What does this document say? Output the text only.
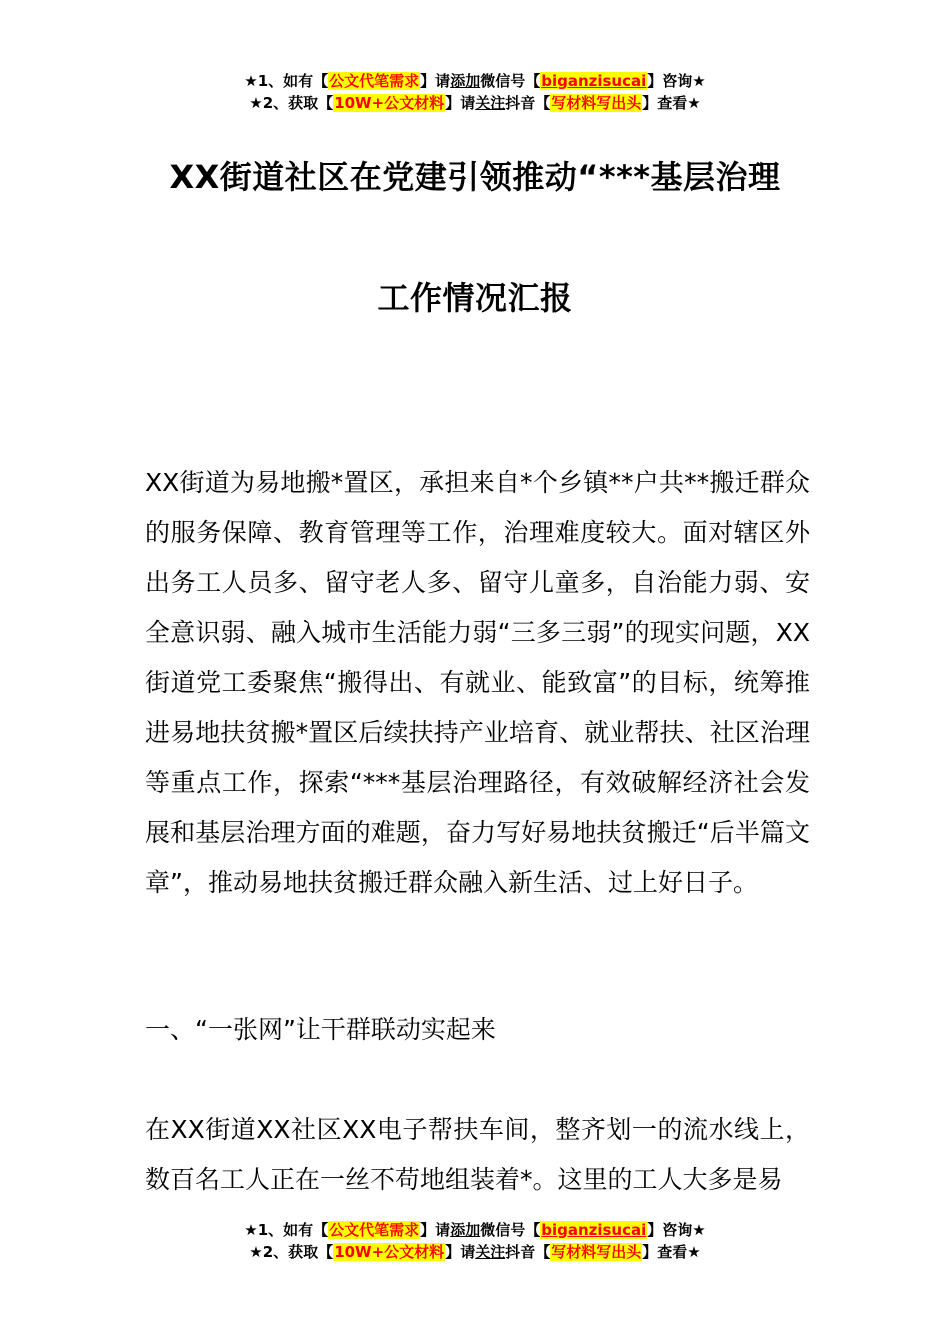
★1、如有【公文代笔需求】请添加微信号【biganzisucai】咨询★
★2、获取【10W+公文材料】请关注抖音【写材料写出头】查看★
XX街道社区在党建引领推动“***基层治理
工作情况汇报
XX街道为易地搬*置区，承担来自*个乡镇**户共**搬迁群众的服务保障、教育管理等工作，治理难度较大。面对辖区外出务工人员多、留守老人多、留守儿童多，自治能力弱、安全意识弱、融入城市生活能力弱“三多三弱”的现实问题，XX街道党工委聚焦“搬得出、有就业、能致富”的目标，统筹推进易地扶贫搬*置区后续扶持产业培育、就业帮扶、社区治理等重点工作，探索“***基层治理路径，有效破解经济社会发展和基层治理方面的难题，奋力写好易地扶贫搬迁“后半篇文章”，推动易地扶贫搬迁群众融入新生活、过上好日子。
一、“一张网”让干群联动实起来
在XX街道XX社区XX电子帮扶车间，整齐划一的流水线上，数百名工人正在一丝不苟地组装着*。这里的工人大多是易
★1、如有【公文代笔需求】请添加微信号【biganzisucai】咨询★
★2、获取【10W+公文材料】请关注抖音【写材料写出头】查看★
